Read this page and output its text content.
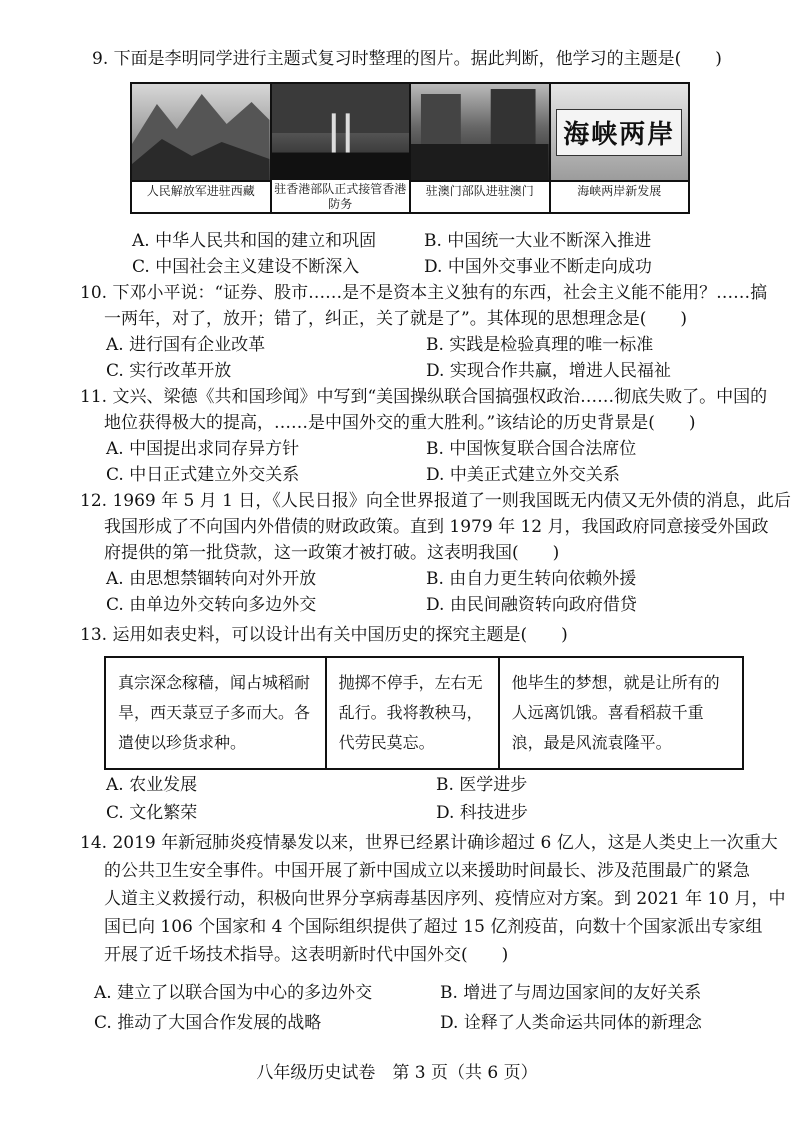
9. 下面是李明同学进行主题式复习时整理的图片。据此判断，他学习的主题是(　　)
人民解放军进驻西藏	驻香港部队正式接管香港防务
驻澳门部队进驻澳门
海峡两岸
海峡两岸新发展
A. 中华人民共和国的建立和巩固	B. 中国统一大业不断深入推进
C. 中国社会主义建设不断深入	D. 中国外交事业不断走向成功
10. 下邓小平说：“证券、股市……是不是资本主义独有的东西，社会主义能不能用？……搞
一两年，对了，放开；错了，纠正，关了就是了”。其体现的思想理念是(　　)
A. 进行国有企业改革	B. 实践是检验真理的唯一标准
C. 实行改革开放	D. 实现合作共赢，增进人民福祉
11. 文兴、梁德《共和国珍闻》中写到“美国操纵联合国搞强权政治……彻底失败了。中国的
地位获得极大的提高，……是中国外交的重大胜利。”该结论的历史背景是(　　)
A. 中国提出求同存异方针	B. 中国恢复联合国合法席位
C. 中日正式建立外交关系	D. 中美正式建立外交关系
12. 1969 年 5 月 1 日，《人民日报》向全世界报道了一则我国既无内债又无外债的消息，此后
我国形成了不向国内外借债的财政政策。直到 1979 年 12 月，我国政府同意接受外国政
府提供的第一批贷款，这一政策才被打破。这表明我国(　　)
A. 由思想禁锢转向对外开放	B. 由自力更生转向依赖外援
C. 由单边外交转向多边外交	D. 由民间融资转向政府借贷
13. 运用如表史料，可以设计出有关中国历史的探究主题是(　　)
真宗深念稼穑，闻占城稻耐旱，西天菉豆子多而大。各遣使以珍货求种。
抛掷不停手，左右无乱行。我将教秧马，代劳民莫忘。
他毕生的梦想，就是让所有的人远离饥饿。喜看稻菽千重浪，最是风流袁隆平。
A. 农业发展	B. 医学进步
C. 文化繁荣	D. 科技进步
14. 2019 年新冠肺炎疫情暴发以来，世界已经累计确诊超过 6 亿人，这是人类史上一次重大
的公共卫生安全事件。中国开展了新中国成立以来援助时间最长、涉及范围最广的紧急
人道主义救援行动，积极向世界分享病毒基因序列、疫情应对方案。到 2021 年 10 月，中
国已向 106 个国家和 4 个国际组织提供了超过 15 亿剂疫苗，向数十个国家派出专家组
开展了近千场技术指导。这表明新时代中国外交(　　)
A. 建立了以联合国为中心的多边外交	B. 增进了与周边国家间的友好关系
C. 推动了大国合作发展的战略	D. 诠释了人类命运共同体的新理念
八年级历史试卷　第 3 页（共 6 页）
